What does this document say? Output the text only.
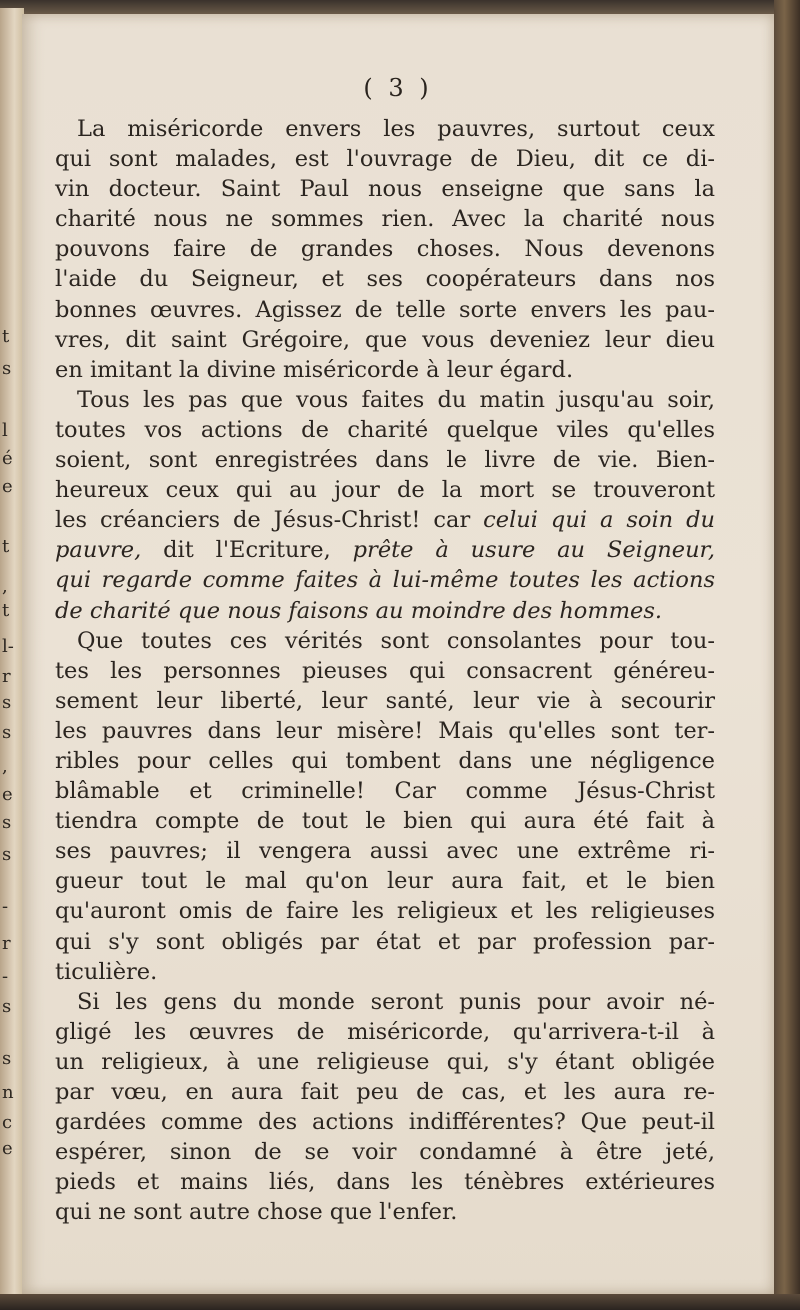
t
s
l
é
e
t
,
t
l-
r
s
s
,
e
s
s
-
r
-
s
s
n
c
e
( 3 )
La miséricorde envers les pauvres, surtout ceux
qui sont malades, est l'ouvrage de Dieu, dit ce di-
vin docteur. Saint Paul nous enseigne que sans la
charité nous ne sommes rien. Avec la charité nous
pouvons faire de grandes choses. Nous devenons
l'aide du Seigneur, et ses coopérateurs dans nos
bonnes œuvres. Agissez de telle sorte envers les pau-
vres, dit saint Grégoire, que vous deveniez leur dieu
en imitant la divine miséricorde à leur égard.
Tous les pas que vous faites du matin jusqu'au soir,
toutes vos actions de charité quelque viles qu'elles
soient, sont enregistrées dans le livre de vie. Bien-
heureux ceux qui au jour de la mort se trouveront
les créanciers de Jésus-Christ! car celui qui a soin du
pauvre, dit l'Ecriture, prête à usure au Seigneur,
qui regarde comme faites à lui-même toutes les actions
de charité que nous faisons au moindre des hommes.
Que toutes ces vérités sont consolantes pour tou-
tes les personnes pieuses qui consacrent généreu-
sement leur liberté, leur santé, leur vie à secourir
les pauvres dans leur misère! Mais qu'elles sont ter-
ribles pour celles qui tombent dans une négligence
blâmable et criminelle! Car comme Jésus-Christ
tiendra compte de tout le bien qui aura été fait à
ses pauvres; il vengera aussi avec une extrême ri-
gueur tout le mal qu'on leur aura fait, et le bien
qu'auront omis de faire les religieux et les religieuses
qui s'y sont obligés par état et par profession par-
ticulière.
Si les gens du monde seront punis pour avoir né-
gligé les œuvres de miséricorde, qu'arrivera-t-il à
un religieux, à une religieuse qui, s'y étant obligée
par vœu, en aura fait peu de cas, et les aura re-
gardées comme des actions indifférentes? Que peut-il
espérer, sinon de se voir condamné à être jeté,
pieds et mains liés, dans les ténèbres extérieures
qui ne sont autre chose que l'enfer.
